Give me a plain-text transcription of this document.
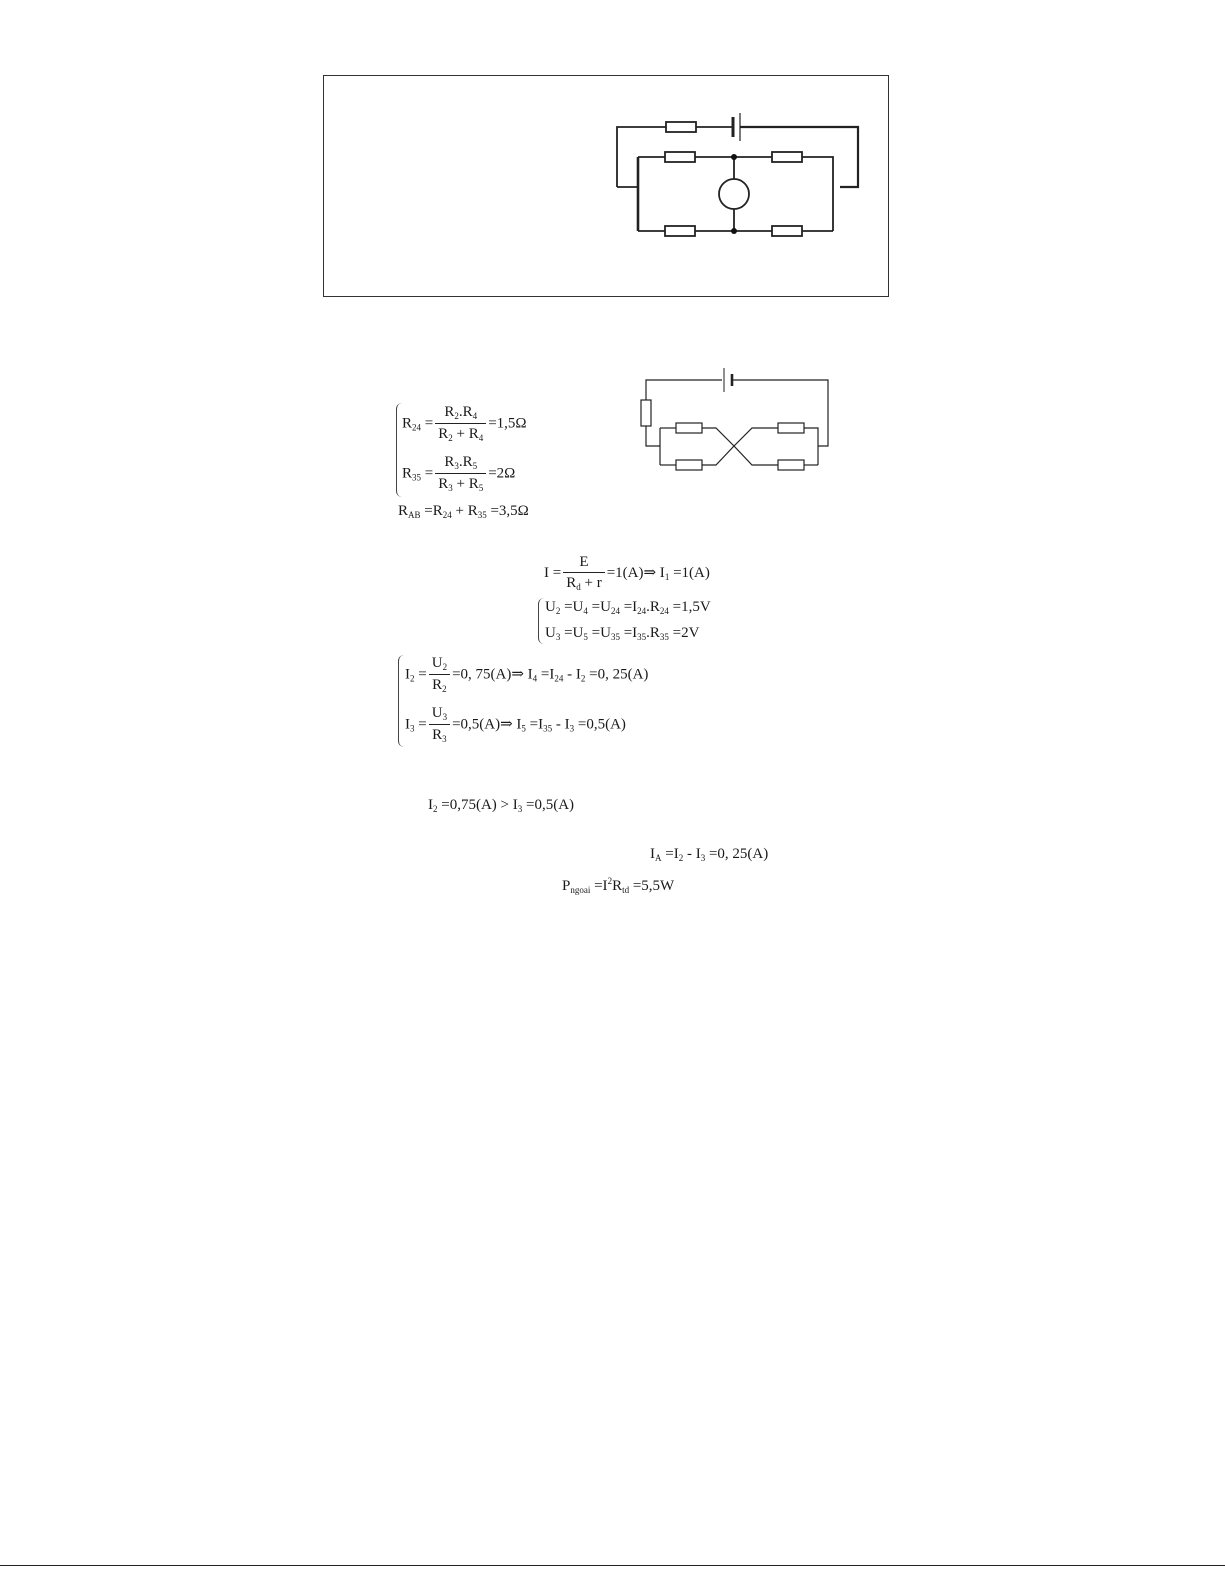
$R_{24} = \frac{R_2.R_4}{R_2 + R_4} =1,5\Omega$
$R_{35} = \frac{R_3.R_5}{R_3 + R_5} =2\Omega$
$R_{AB} =R_{24} + R_{35} =3,5\Omega$
$I = \frac{E}{R_d + r}$ =1(A)⇒ $I_1 =1(A)$
$U_2 =U_4 =U_{24} =I_{24}.R_{24} =1,5V$
$U_3 =U_5 =U_{35} =I_{35}.R_{35} =2V$
$I_2 = \frac{U_2}{R_2} =0$, 75(A)⇒ $I_4 =I_{24} - I_2 =0$, 25(A)
$I_3 = \frac{U_3}{R_3}$ =0,5(A)⇒ $I_5 =I_{35} - I_3 =0,5(A)$
$I_2 =0,75(A) > I_3 =0,5(A)$
$I_A =I_2 - I_3 =0$, 25(A)
$P_{ngoai} =I^2R_{td} =5,5W$
